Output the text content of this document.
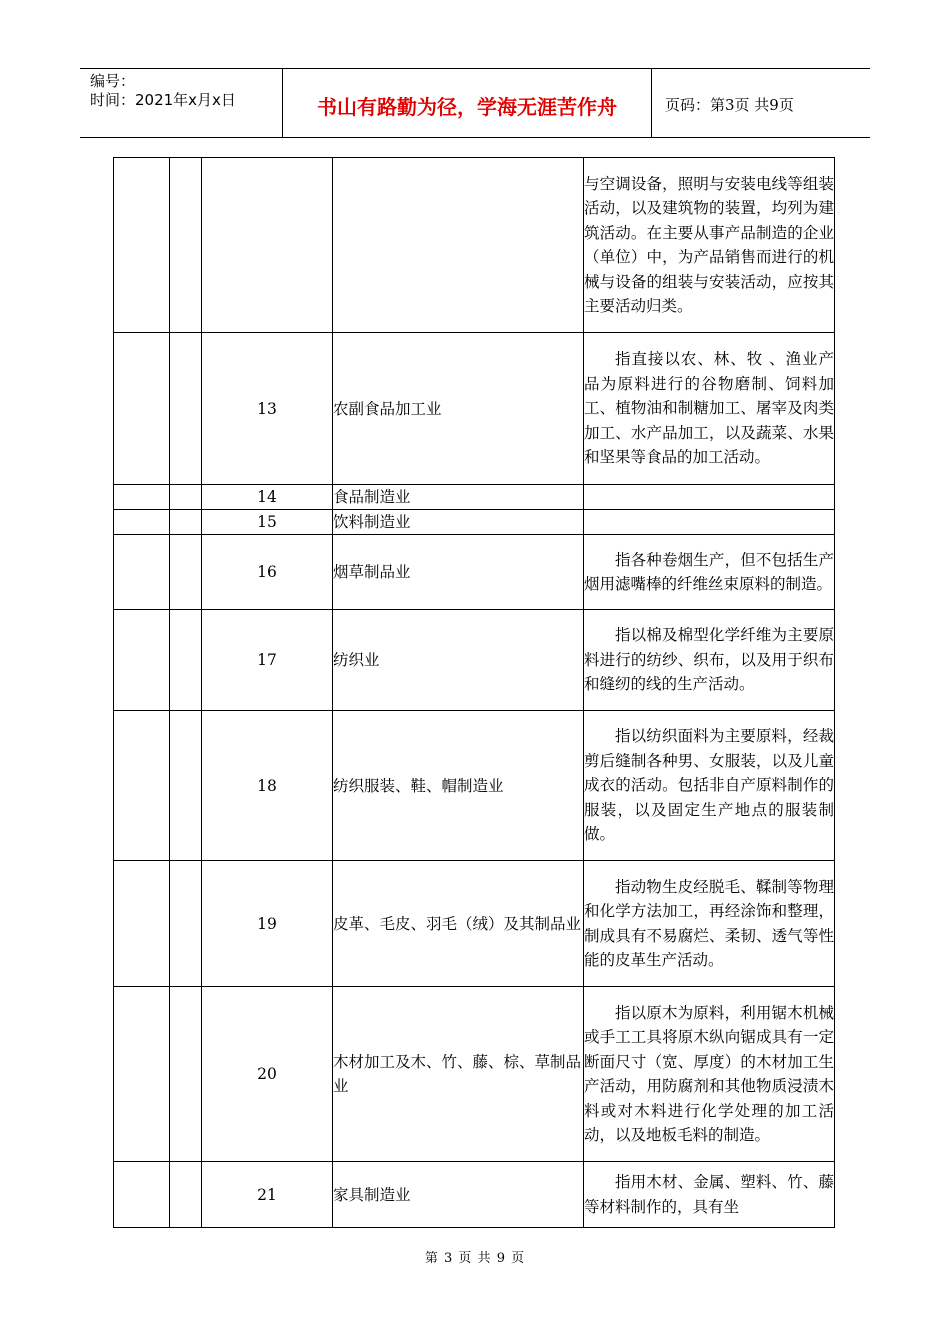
编号：
时间：2021年x月x日	书山有路勤为径，学海无涯苦作舟	页码：第3页 共9页
				与空调设备，照明与安装电线等组装活动，以及建筑物的装置，均列为建筑活动。在主要从事产品制造的企业（单位）中，为产品销售而进行的机械与设备的组装与安装活动，应按其主要活动归类。
		13	农副食品加工业	指直接以农、林、牧 、渔业产品为原料进行的谷物磨制、饲料加工、植物油和制糖加工、屠宰及肉类加工、水产品加工，以及蔬菜、水果和坚果等食品的加工活动。
		14	食品制造业	
		15	饮料制造业	
		16	烟草制品业	指各种卷烟生产，但不包括生产烟用滤嘴棒的纤维丝束原料的制造。
		17	纺织业	指以棉及棉型化学纤维为主要原料进行的纺纱、织布，以及用于织布和缝纫的线的生产活动。
		18	纺织服装、鞋、帽制造业	指以纺织面料为主要原料，经裁剪后缝制各种男、女服装，以及儿童成衣的活动。包括非自产原料制作的服装，以及固定生产地点的服装制做。
		19	皮革、毛皮、羽毛（绒）及其制品业	指动物生皮经脱毛、鞣制等物理和化学方法加工，再经涂饰和整理，制成具有不易腐烂、柔韧、透气等性能的皮革生产活动。
		20	木材加工及木、竹、藤、棕、草制品业	指以原木为原料，利用锯木机械或手工工具将原木纵向锯成具有一定断面尺寸（宽、厚度）的木材加工生产活动，用防腐剂和其他物质浸渍木料或对木料进行化学处理的加工活动，以及地板毛料的制造。
		21	家具制造业	指用木材、金属、塑料、竹、藤等材料制作的，具有坐
第 3 页 共 9 页
